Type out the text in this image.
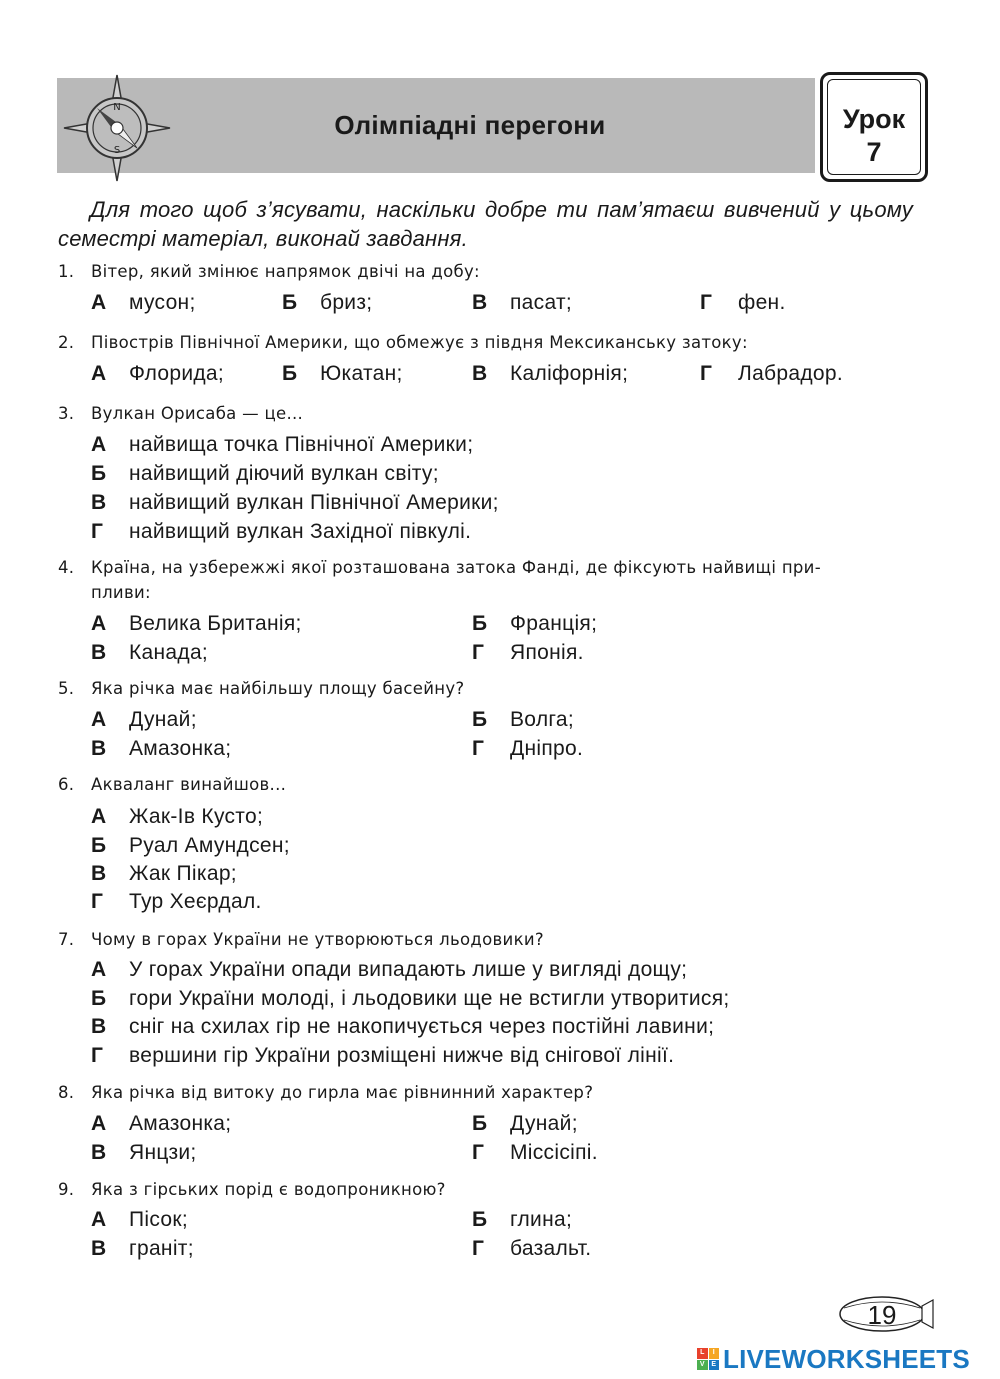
N
S
Олімпіадні перегони	Урок
7
Для того щоб з’ясувати, наскільки добре ти пам’ятаєш вивчений у цьому семестрі матеріал, виконай завдання.
1. Вітер, який змінює напрямок двічі на добу:
А мусон;	Б бриз;	В пасат;	Г фен.
2. Півострів Північної Америки, що обмежує з півдня Мексиканську затоку:
А Флорида;	Б Юкатан;	В Каліфорнія;	Г Лабрадор.
3. Вулкан Орисаба — це...
А найвища точка Північної Америки;
Б найвищий діючий вулкан світу;
В найвищий вулкан Північної Америки;
Г найвищий вулкан Західної півкулі.
4. Країна, на узбережжі якої розташована затока Фанді, де фіксують найвищі при-
пливи:
А Велика Британія;	Б Франція;
В Канада;	Г Японія.
5. Яка річка має найбільшу площу басейну?
А Дунай;	Б Волга;
В Амазонка;	Г Дніпро.
6. Акваланг винайшов...
А Жак-Ів Кусто;
Б Руал Амундсен;
В Жак Пікар;
Г Тур Хеєрдал.
7. Чому в горах України не утворюються льодовики?
А У горах України опади випадають лише у вигляді дощу;
Б гори України молоді, і льодовики ще не встигли утворитися;
В сніг на схилах гір не накопичується через постійні лавини;
Г вершини гір України розміщені нижче від снігової лінії.
8. Яка річка від витоку до гирла має рівнинний характер?
А Амазонка;	Б Дунай;
В Янцзи;	Г Міссісіпі.
9. Яка з гірських порід є водопроникною?
А Пісок;	Б глина;
В граніт;	Г базальт.
19
L	I
V E LIVEWORKSHEETS
